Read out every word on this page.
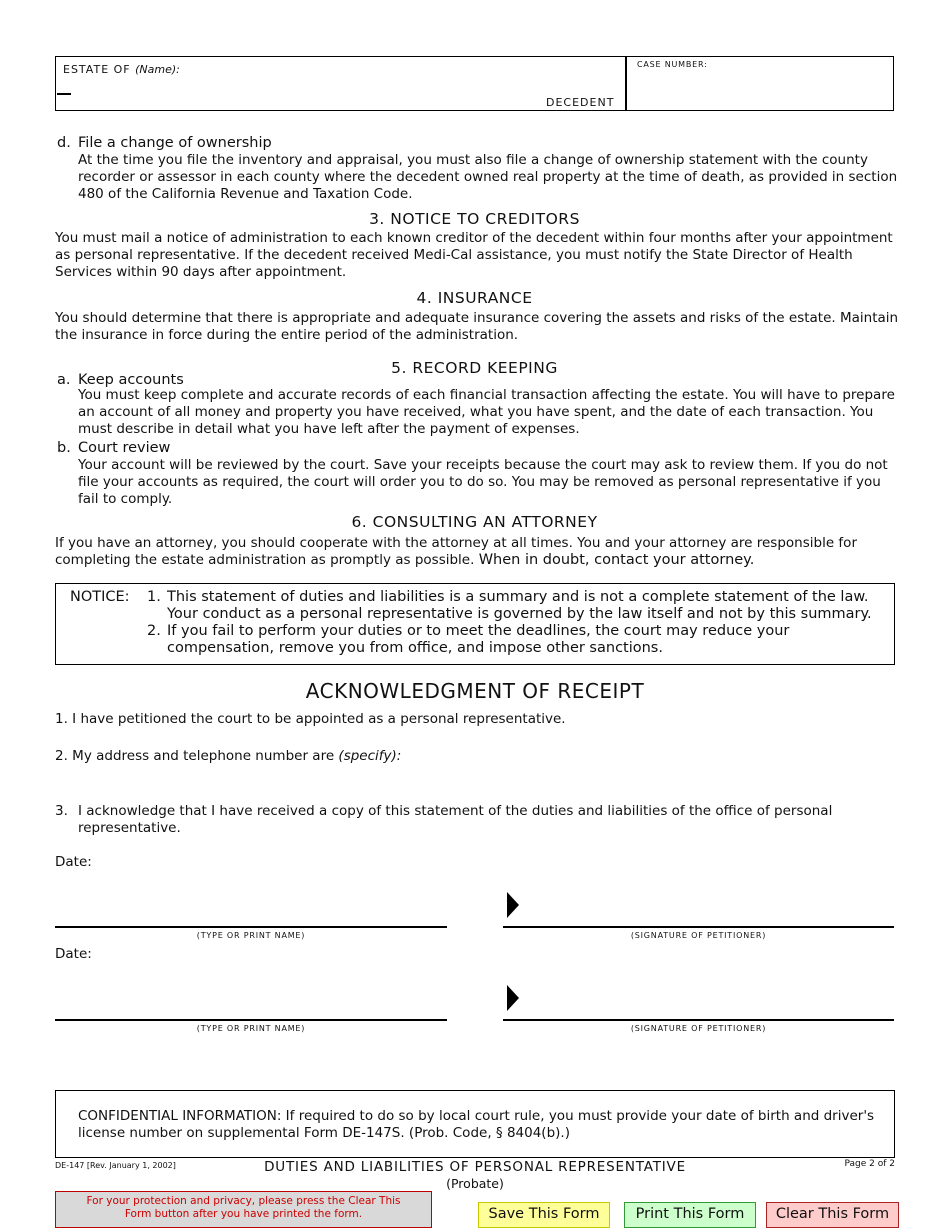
ESTATE OF (Name):
DECEDENT
CASE NUMBER:
d. File a change of ownership
At the time you file the inventory and appraisal, you must also file a change of ownership statement with the county recorder or assessor in each county where the decedent owned real property at the time of death, as provided in section 480 of the California Revenue and Taxation Code.
3. NOTICE TO CREDITORS
You must mail a notice of administration to each known creditor of the decedent within four months after your appointment as personal representative. If the decedent received Medi-Cal assistance, you must notify the State Director of Health Services within 90 days after appointment.
4. INSURANCE
You should determine that there is appropriate and adequate insurance covering the assets and risks of the estate. Maintain the insurance in force during the entire period of the administration.
5. RECORD KEEPING
a. Keep accounts
You must keep complete and accurate records of each financial transaction affecting the estate. You will have to prepare an account of all money and property you have received, what you have spent, and the date of each transaction. You must describe in detail what you have left after the payment of expenses.
b. Court review
Your account will be reviewed by the court. Save your receipts because the court may ask to review them. If you do not file your accounts as required, the court will order you to do so. You may be removed as personal representative if you fail to comply.
6. CONSULTING AN ATTORNEY
If you have an attorney, you should cooperate with the attorney at all times. You and your attorney are responsible for completing the estate administration as promptly as possible. When in doubt, contact your attorney.
NOTICE: 1. This statement of duties and liabilities is a summary and is not a complete statement of the law. Your conduct as a personal representative is governed by the law itself and not by this summary.
2. If you fail to perform your duties or to meet the deadlines, the court may reduce your compensation, remove you from office, and impose other sanctions.
ACKNOWLEDGMENT OF RECEIPT
1. I have petitioned the court to be appointed as a personal representative.
2. My address and telephone number are (specify):
3. I acknowledge that I have received a copy of this statement of the duties and liabilities of the office of personal representative.
Date:
(TYPE OR PRINT NAME)	(SIGNATURE OF PETITIONER)
Date:
(TYPE OR PRINT NAME)	(SIGNATURE OF PETITIONER)
CONFIDENTIAL INFORMATION: If required to do so by local court rule, you must provide your date of birth and driver's license number on supplemental Form DE-147S. (Prob. Code, § 8404(b).)
DE-147 [Rev. January 1, 2002]	DUTIES AND LIABILITIES OF PERSONAL REPRESENTATIVE
(Probate)
Page 2 of 2
For your protection and privacy, please press the Clear This Form button after you have printed the form.	Save This Form	Print This Form	Clear This Form
